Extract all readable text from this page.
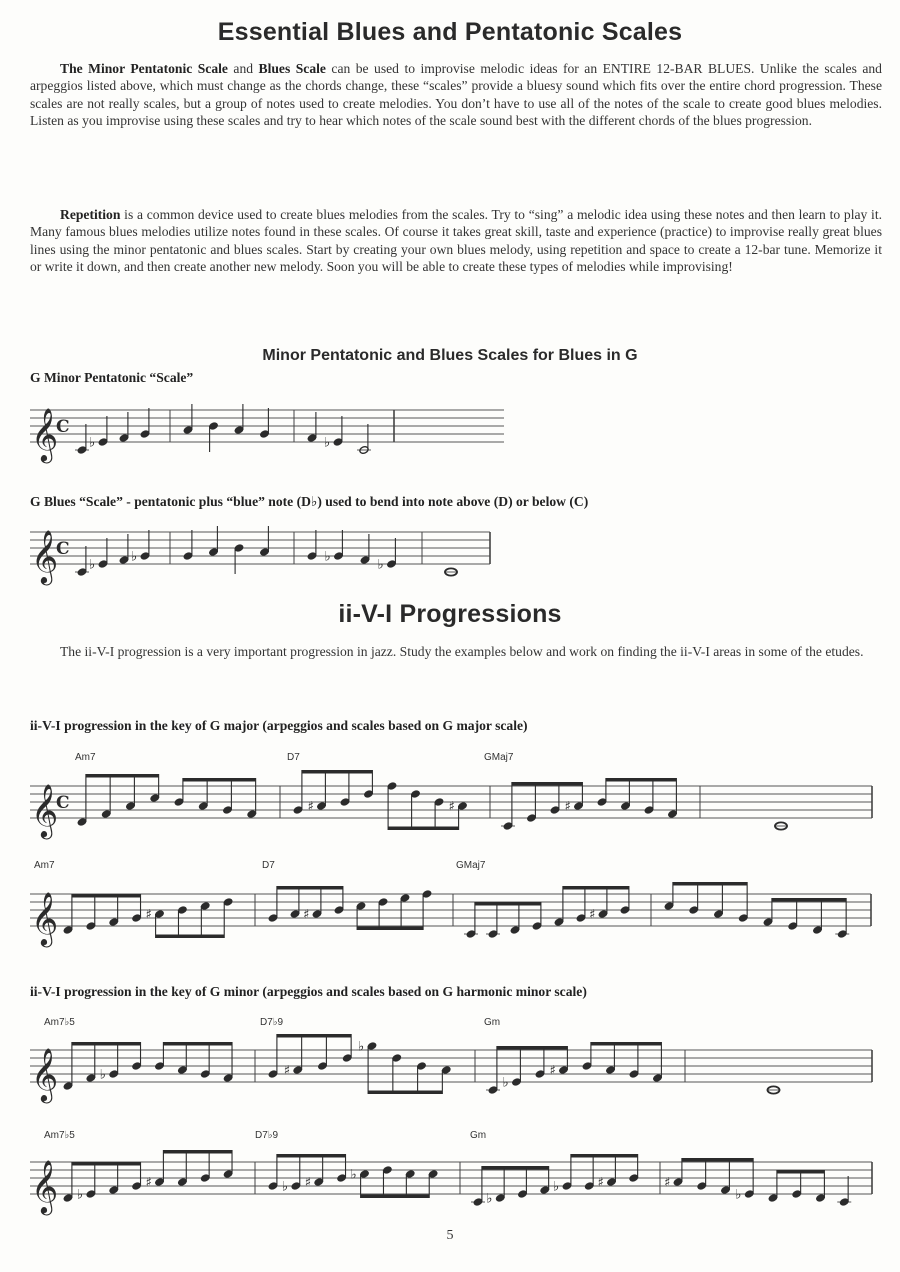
Essential Blues and Pentatonic Scales
The Minor Pentatonic Scale and Blues Scale can be used to improvise melodic ideas for an ENTIRE 12-BAR BLUES. Unlike the scales and arpeggios listed above, which must change as the chords change, these “scales” provide a bluesy sound which fits over the entire chord progression. These scales are not really scales, but a group of notes used to create melodies. You don’t have to use all of the notes of the scale to create good blues melodies. Listen as you improvise using these scales and try to hear which notes of the scale sound best with the different chords of the blues progression.
Repetition is a common device used to create blues melodies from the scales. Try to “sing” a melodic idea using these notes and then learn to play it. Many famous blues melodies utilize notes found in these scales. Of course it takes great skill, taste and experience (practice) to improvise really great blues lines using the minor pentatonic and blues scales. Start by creating your own blues melody, using repetition and space to create a 12-bar tune. Memorize it or write it down, and then create another new melody. Soon you will be able to create these types of melodies while improvising!
Minor Pentatonic and Blues Scales for Blues in G
G Minor Pentatonic “Scale”
𝄞
C
♭	♭
G Blues “Scale” - pentatonic plus “blue” note (D♭) used to bend into note above (D) or below (C)
𝄞
C
♭
♭	♭
♭
ii-V-I Progressions
The ii-V-I progression is a very important progression in jazz. Study the examples below and work on finding the ii-V-I areas in some of the etudes.
ii-V-I progression in the key of G major (arpeggios and scales based on G major scale)
Am7	D7	GMaj7
𝄞
C	♯	♯	♯
Am7	D7	GMaj7
𝄞	♯	♯	♯
ii-V-I progression in the key of G minor (arpeggios and scales based on G harmonic minor scale)
Am7♭5	D7♭9	Gm
𝄞	♭	♯
♭
♭
♯
Am7♭5	D7♭9	Gm
𝄞 ♭
♯	♭ ♯
♭
♭
♭	♯	♯
♭
5
